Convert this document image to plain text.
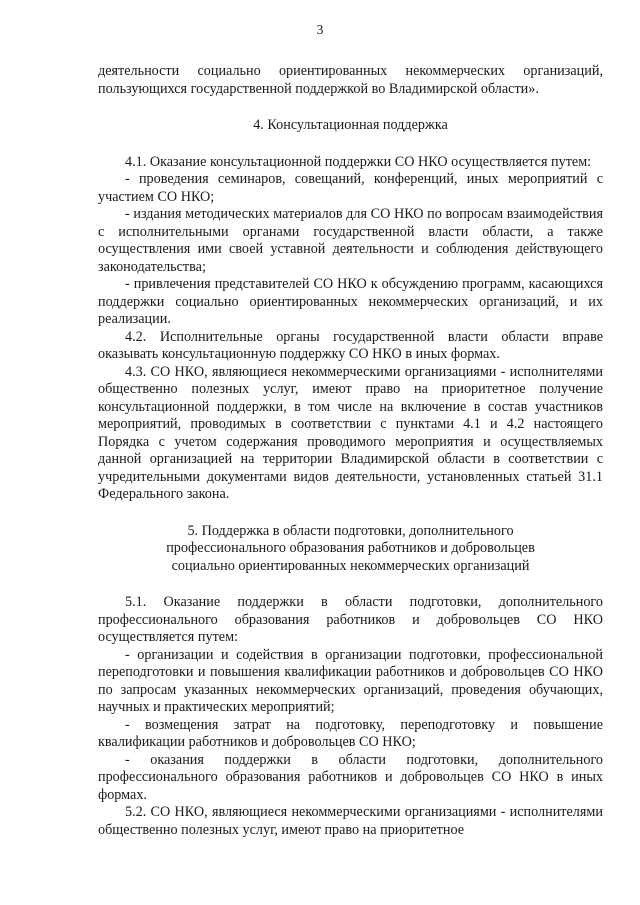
3

деятельности социально ориентированных некоммерческих организаций, пользующихся государственной поддержкой во Владимирской области».

4. Консультационная поддержка

4.1. Оказание консультационной поддержки СО НКО осуществляется путем:

- проведения семинаров, совещаний, конференций, иных мероприятий с участием СО НКО;

- издания методических материалов для СО НКО по вопросам взаимодействия с исполнительными органами государственной власти области, а также осуществления ими своей уставной деятельности и соблюдения действующего законодательства;

- привлечения представителей СО НКО к обсуждению программ, касающихся поддержки социально ориентированных некоммерческих организаций, и их реализации.

4.2. Исполнительные органы государственной власти области вправе оказывать консультационную поддержку СО НКО в иных формах.

4.3. СО НКО, являющиеся некоммерческими организациями - исполнителями общественно полезных услуг, имеют право на приоритетное получение консультационной поддержки, в том числе на включение в состав участников мероприятий, проводимых в соответствии с пунктами 4.1 и 4.2 настоящего Порядка с учетом содержания проводимого мероприятия и осуществляемых данной организацией на территории Владимирской области в соответствии с учредительными документами видов деятельности, установленных статьей 31.1 Федерального закона.

5. Поддержка в области подготовки, дополнительного

профессионального образования работников и добровольцев

социально ориентированных некоммерческих организаций

5.1. Оказание поддержки в области подготовки, дополнительного профессионального образования работников и добровольцев СО НКО осуществляется путем:

- организации и содействия в организации подготовки, профессиональной переподготовки и повышения квалификации работников и добровольцев СО НКО по запросам указанных некоммерческих организаций, проведения обучающих, научных и практических мероприятий;

- возмещения затрат на подготовку, переподготовку и повышение квалификации работников и добровольцев СО НКО;

- оказания поддержки в области подготовки, дополнительного профессионального образования работников и добровольцев СО НКО в иных формах.

5.2. СО НКО, являющиеся некоммерческими организациями - исполнителями общественно полезных услуг, имеют право на приоритетное
